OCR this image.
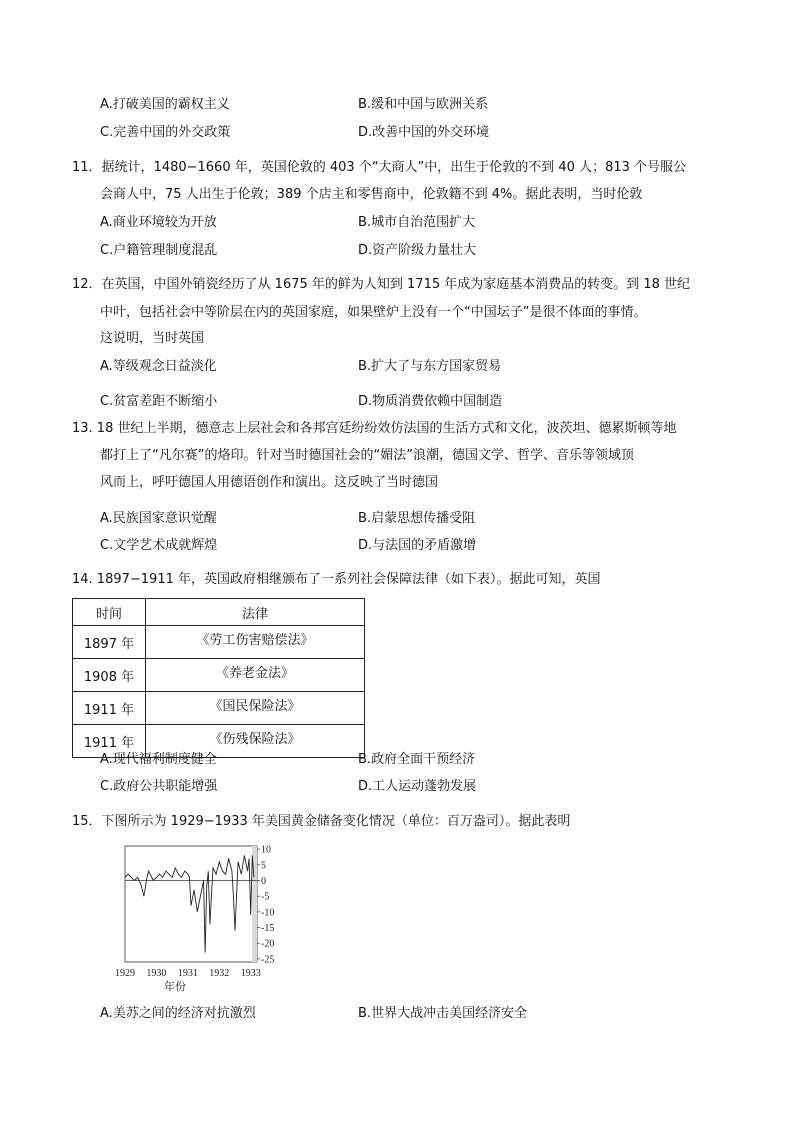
A.打破美国的霸权主义	B.缓和中国与欧洲关系
C.完善中国的外交政策	D.改善中国的外交环境
11．据统计，1480−1660 年，英国伦敦的 403 个“大商人”中，出生于伦敦的不到 40 人；813 个号服公
会商人中，75 人出生于伦敦；389 个店主和零售商中，伦敦籍不到 4%。据此表明，当时伦敦
A.商业环境较为开放	B.城市自治范围扩大
C.户籍管理制度混乱	D.资产阶级力量壮大
12．在英国，中国外销瓷经历了从 1675 年的鲜为人知到 1715 年成为家庭基本消费品的转变。到 18 世纪
中叶，包括社会中等阶层在内的英国家庭，如果壁炉上没有一个“中国坛子”是很不体面的事情。
这说明，当时英国
A.等级观念日益淡化	B.扩大了与东方国家贸易
C.贫富差距不断缩小	D.物质消费依赖中国制造
13. 18 世纪上半期，德意志上层社会和各邦宫廷纷纷效仿法国的生活方式和文化，波茨坦、德累斯顿等地
都打上了“凡尔赛”的烙印。针对当时德国社会的“媚法”浪潮，德国文学、哲学、音乐等领域顶
风而上，呼吁德国人用德语创作和演出。这反映了当时德国
A.民族国家意识觉醒	B.启蒙思想传播受阻
C.文学艺术成就辉煌	D.与法国的矛盾激增
14. 1897−1911 年，英国政府相继颁布了一系列社会保障法律（如下表）。据此可知，英国
时间	法律
1897 年	《劳工伤害赔偿法》
1908 年	《养老金法》
1911 年	《国民保险法》
1911 年	《伤残保险法》
A.现代福利制度健全	B.政府全面干预经济
C.政府公共职能增强	D.工人运动蓬勃发展
15．下图所示为 1929−1933 年美国黄金储备变化情况（单位：百万盎司）。据此表明
10
5
0
-5
-10
-15
-20
-25
1929 1930 1931 1932 1933
年份
A.美苏之间的经济对抗激烈	B.世界大战冲击美国经济安全
